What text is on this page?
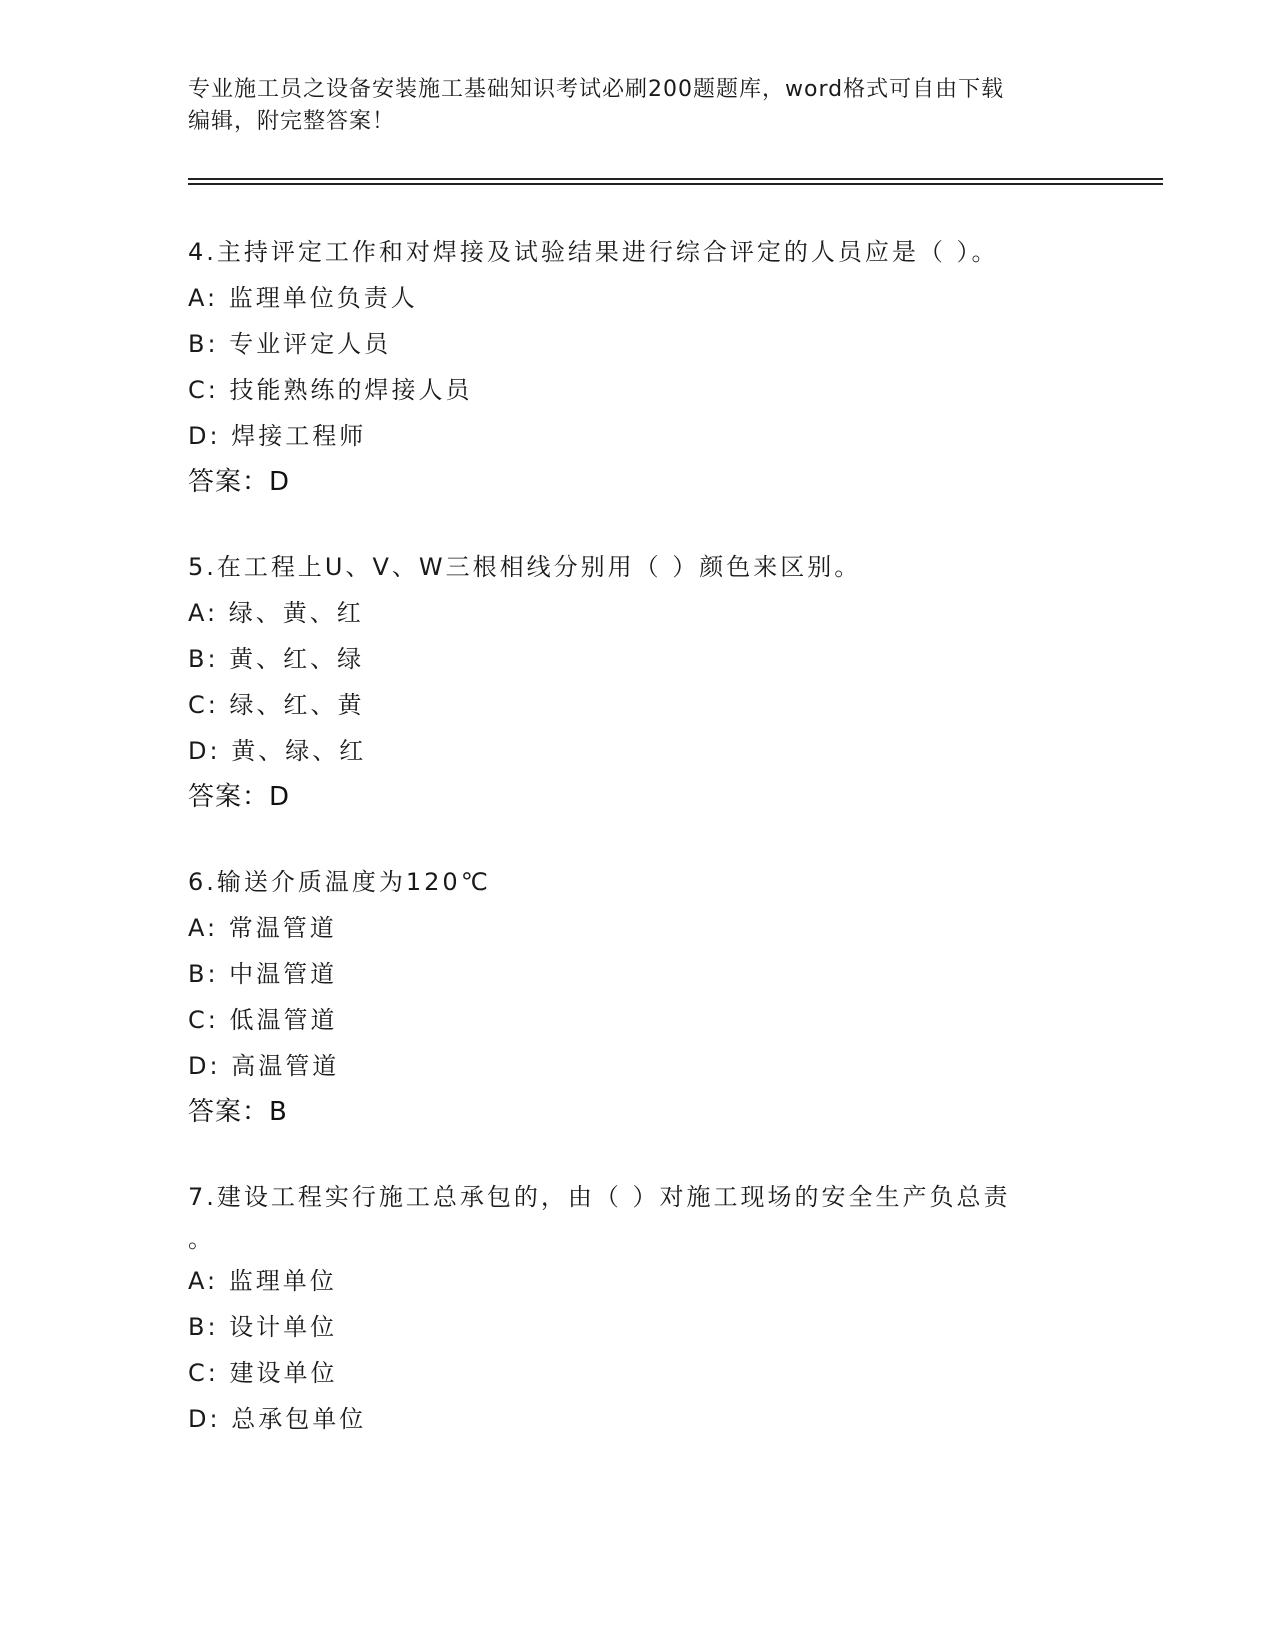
专业施工员之设备安装施工基础知识考试必刷200题题库，word格式可自由下载
编辑，附完整答案！
4.主持评定工作和对焊接及试验结果进行综合评定的人员应是（ ）。
A: 监理单位负责人
B: 专业评定人员
C: 技能熟练的焊接人员
D: 焊接工程师
答案：D
5.在工程上U、V、W三根相线分别用（ ）颜色来区别。
A: 绿、黄、红
B: 黄、红、绿
C: 绿、红、黄
D: 黄、绿、红
答案：D
6.输送介质温度为120℃
A: 常温管道
B: 中温管道
C: 低温管道
D: 高温管道
答案：B
7.建设工程实行施工总承包的，由（ ）对施工现场的安全生产负总责
。
A: 监理单位
B: 设计单位
C: 建设单位
D: 总承包单位
